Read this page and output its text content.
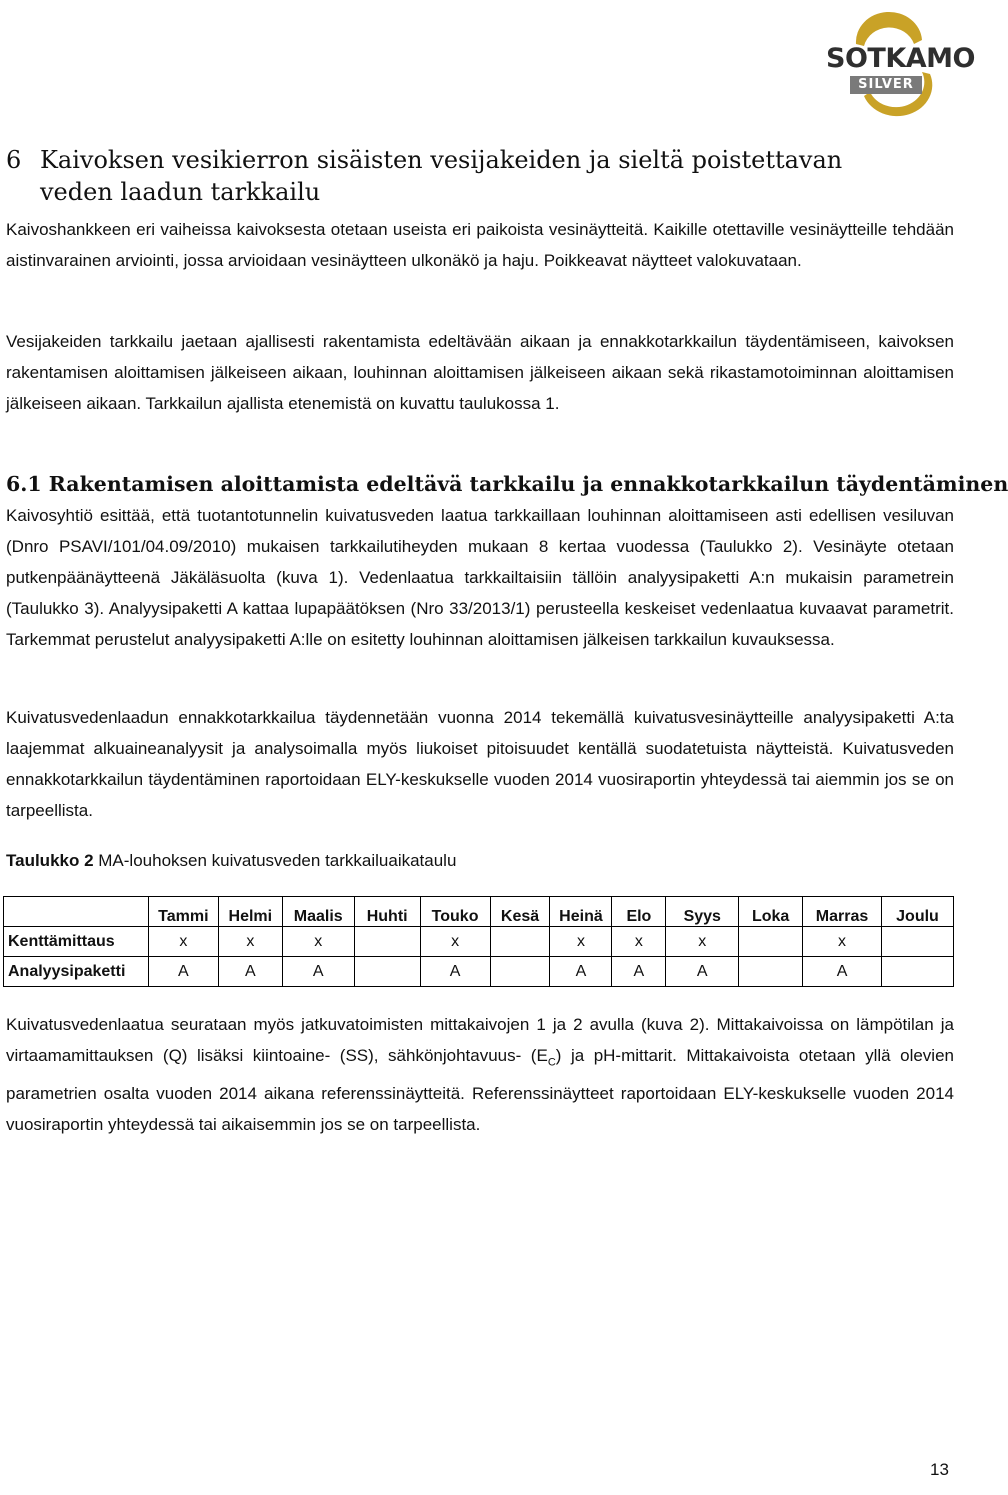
SOTKAMO
SILVER
6 Kaivoksen vesikierron sisäisten vesijakeiden ja sieltä poistettavan
veden laadun tarkkailu

Kaivoshankkeen eri vaiheissa kaivoksesta otetaan useista eri paikoista vesinäytteitä. Kaikille otettaville vesinäytteille tehdään aistinvarainen arviointi, jossa arvioidaan vesinäytteen ulkonäkö ja haju. Poikkeavat näytteet valokuvataan.

Vesijakeiden tarkkailu jaetaan ajallisesti rakentamista edeltävään aikaan ja ennakkotarkkailun täydentämiseen, kaivoksen rakentamisen aloittamisen jälkeiseen aikaan, louhinnan aloittamisen jälkeiseen aikaan sekä rikastamotoiminnan aloittamisen jälkeiseen aikaan. Tarkkailun ajallista etenemistä on kuvattu taulukossa 1.

6.1 Rakentamisen aloittamista edeltävä tarkkailu ja ennakkotarkkailun täydentäminen

Kaivosyhtiö esittää, että tuotantotunnelin kuivatusveden laatua tarkkaillaan louhinnan aloittamiseen asti edellisen vesiluvan (Dnro PSAVI/101/04.09/2010) mukaisen tarkkailutiheyden mukaan 8 kertaa vuodessa (Taulukko 2). Vesinäyte otetaan putkenpäänäytteenä Jäkäläsuolta (kuva 1). Vedenlaatua tarkkailtaisiin tällöin analyysipaketti A:n mukaisin parametrein (Taulukko 3). Analyysipaketti A kattaa lupapäätöksen (Nro 33/2013/1) perusteella keskeiset vedenlaatua kuvaavat parametrit. Tarkemmat perustelut analyysipaketti A:lle on esitetty louhinnan aloittamisen jälkeisen tarkkailun kuvauksessa.

Kuivatusvedenlaadun ennakkotarkkailua täydennetään vuonna 2014 tekemällä kuivatusvesinäytteille analyysipaketti A:ta laajemmat alkuaineanalyysit ja analysoimalla myös liukoiset pitoisuudet kentällä suodatetuista näytteistä. Kuivatusveden ennakkotarkkailun täydentäminen raportoidaan ELY-keskukselle vuoden 2014 vuosiraportin yhteydessä tai aiemmin jos se on tarpeellista.

Taulukko 2 MA-louhoksen kuivatusveden tarkkailuaikataulu
	Tammi	Helmi	Maalis	Huhti	Touko	Kesä	Heinä	Elo	Syys	Loka	Marras	Joulu
Kenttämittaus	x	x	x		x		x	x	x		x	
Analyysipaketti	A	A	A		A		A	A	A		A	

Kuivatusvedenlaatua seurataan myös jatkuvatoimisten mittakaivojen 1 ja 2 avulla (kuva 2). Mittakaivoissa on lämpötilan ja virtaamamittauksen (Q) lisäksi kiintoaine- (SS), sähkönjohtavuus- $(E_C)$ ja pH-mittarit. Mittakaivoista otetaan yllä olevien parametrien osalta vuoden 2014 aikana referenssinäytteitä. Referenssinäytteet raportoidaan ELY-keskukselle vuoden 2014 vuosiraportin yhteydessä tai aikaisemmin jos se on tarpeellista.

13
